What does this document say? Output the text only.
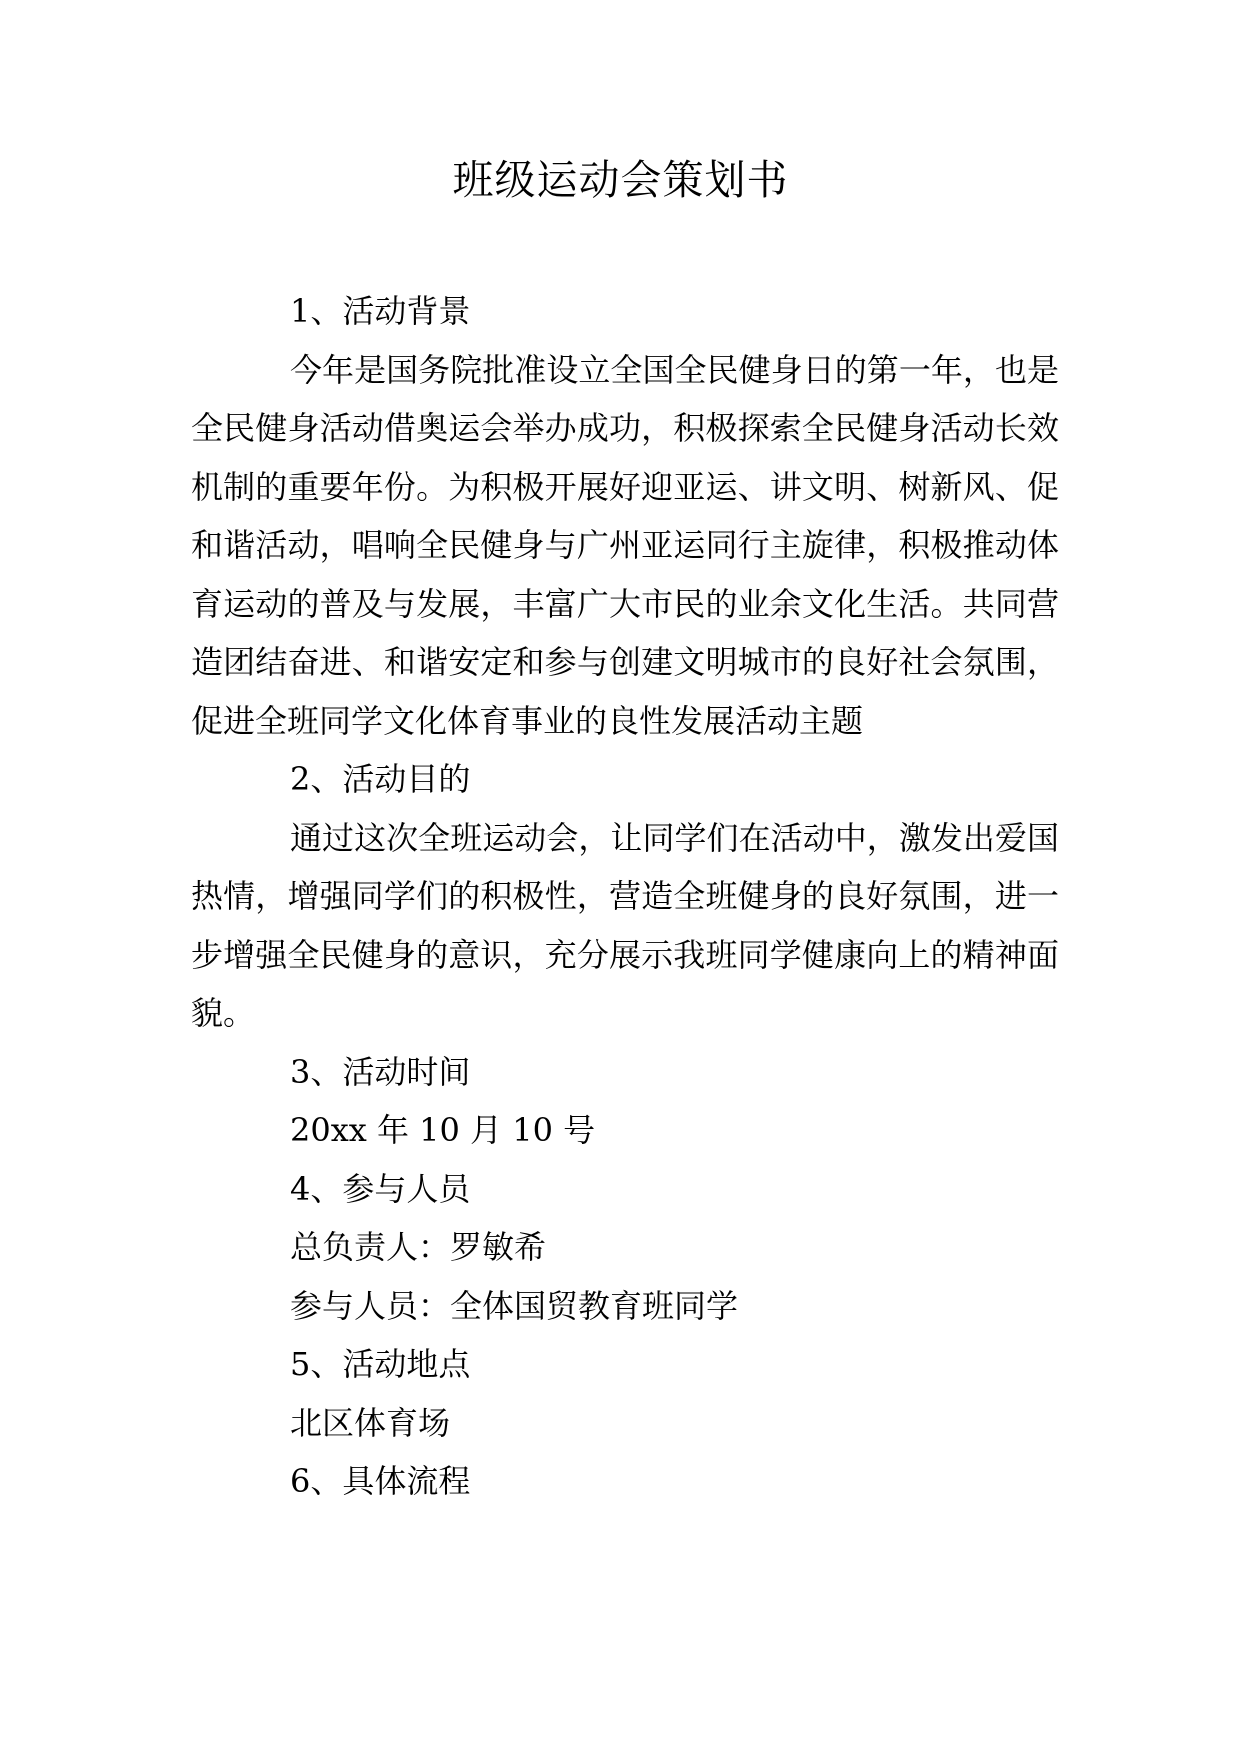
班级运动会策划书

1、活动背景

今年是国务院批准设立全国全民健身日的第一年，也是全民健身活动借奥运会举办成功，积极探索全民健身活动长效机制的重要年份。为积极开展好迎亚运、讲文明、树新风、促和谐活动，唱响全民健身与广州亚运同行主旋律，积极推动体育运动的普及与发展，丰富广大市民的业余文化生活。共同营造团结奋进、和谐安定和参与创建文明城市的良好社会氛围，促进全班同学文化体育事业的良性发展活动主题

2、活动目的

通过这次全班运动会，让同学们在活动中，激发出爱国热情，增强同学们的积极性，营造全班健身的良好氛围，进一步增强全民健身的意识，充分展示我班同学健康向上的精神面貌。

3、活动时间

20xx 年 10 月 10 号

4、参与人员

总负责人：罗敏希

参与人员：全体国贸教育班同学

5、活动地点

北区体育场

6、具体流程
